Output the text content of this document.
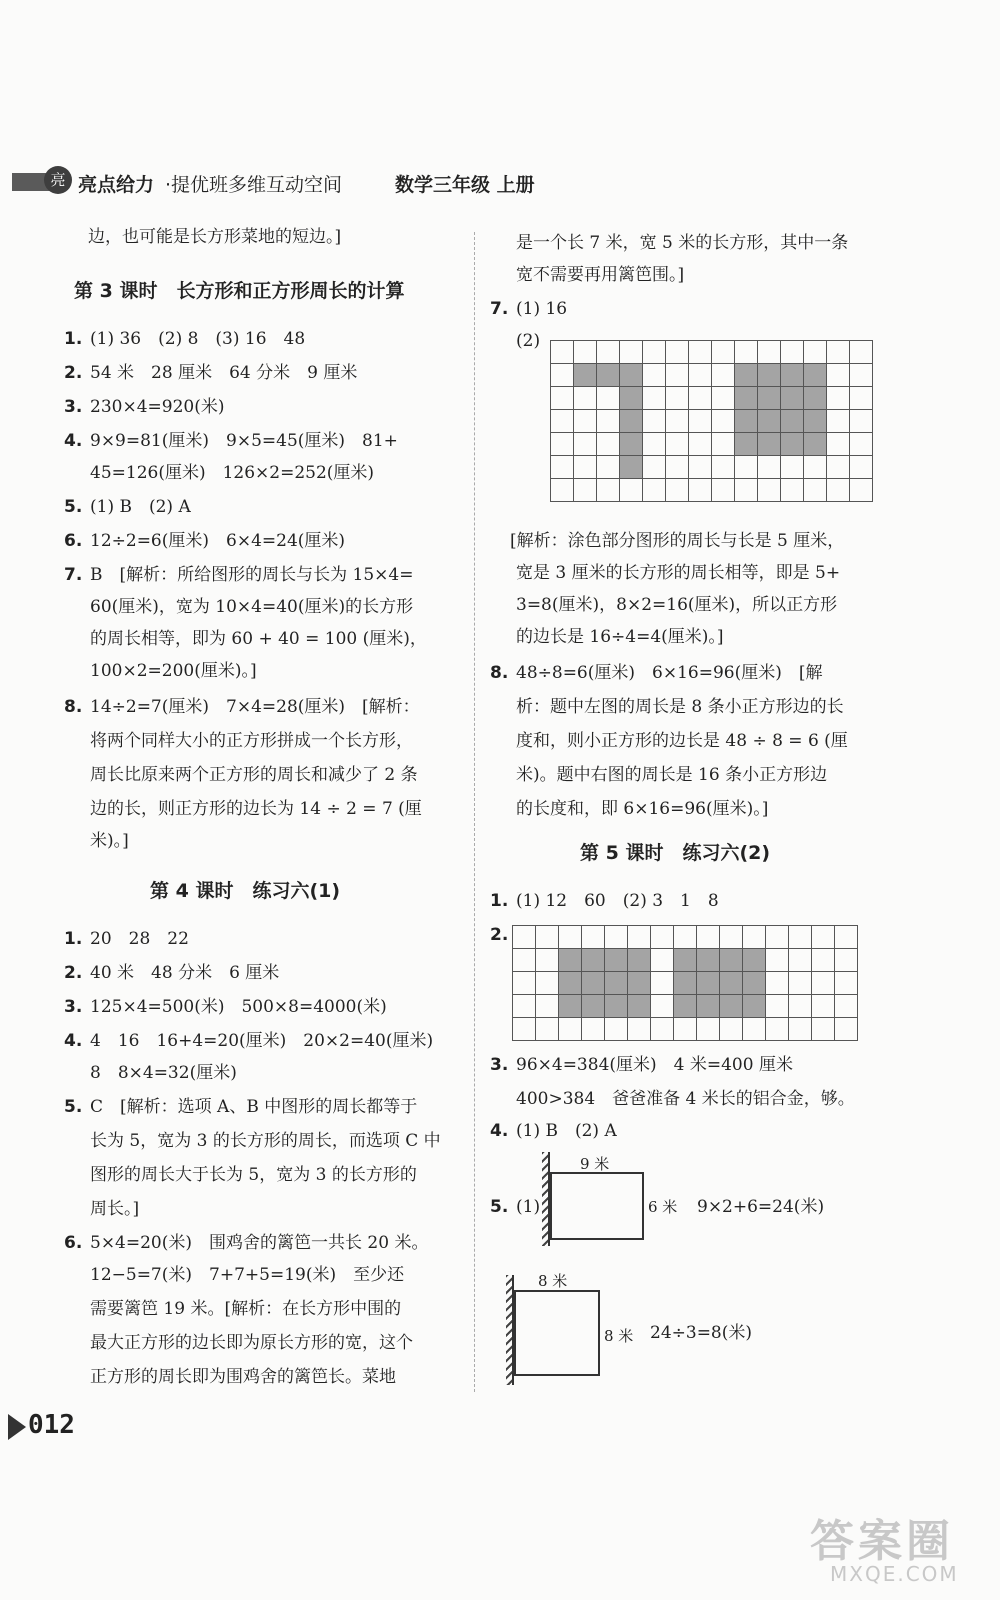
亮 亮点给力 ·提优班多维互动空间	数学三年级 上册
边，也可能是长方形菜地的短边。]
第 3 课时　长方形和正方形周长的计算
1. (1) 36　(2) 8　(3) 16　48
2. 54 米　28 厘米　64 分米　9 厘米
3. 230×4=920(米)
4. 9×9=81(厘米)　9×5=45(厘米)　81+
45=126(厘米)　126×2=252(厘米)
5. (1) B　(2) A
6. 12÷2=6(厘米)　6×4=24(厘米)
7. B　[解析：所给图形的周长与长为 15×4=
60(厘米)，宽为 10×4=40(厘米)的长方形
的周长相等，即为 60 + 40 = 100 (厘米)，
100×2=200(厘米)。]
8. 14÷2=7(厘米)　7×4=28(厘米)　[解析：
将两个同样大小的正方形拼成一个长方形，
周长比原来两个正方形的周长和减少了 2 条
边的长，则正方形的边长为 14 ÷ 2 = 7 (厘
米)。]
第 4 课时　练习六(1)
1. 20　28　22
2. 40 米　48 分米　6 厘米
3. 125×4=500(米)　500×8=4000(米)
4. 4　16　16+4=20(厘米)　20×2=40(厘米)
8　8×4=32(厘米)
5. C　[解析：选项 A、B 中图形的周长都等于
长为 5，宽为 3 的长方形的周长，而选项 C 中
图形的周长大于长为 5，宽为 3 的长方形的
周长。]
6. 5×4=20(米)　围鸡舍的篱笆一共长 20 米。
12−5=7(米)　7+7+5=19(米)　至少还
需要篱笆 19 米。[解析：在长方形中围的
最大正方形的边长即为原长方形的宽，这个
正方形的周长即为围鸡舍的篱笆长。菜地
是一个长 7 米，宽 5 米的长方形，其中一条
宽不需要再用篱笆围。]
7. (1) 16
(2)
[解析：涂色部分图形的周长与长是 5 厘米，
宽是 3 厘米的长方形的周长相等，即是 5+
3=8(厘米)，8×2=16(厘米)，所以正方形
的边长是 16÷4=4(厘米)。]
8. 48÷8=6(厘米)　6×16=96(厘米)　[解
析：题中左图的周长是 8 条小正方形边的长
度和，则小正方形的边长是 48 ÷ 8 = 6 (厘
米)。题中右图的周长是 16 条小正方形边
的长度和，即 6×16=96(厘米)。]
第 5 课时　练习六(2)
1. (1) 12　60　(2) 3　1　8
2.
3. 96×4=384(厘米)　4 米=400 厘米
400>384　爸爸准备 4 米长的铝合金，够。
4. (1) B　(2) A
9 米
6 米
5. (1)	9×2+6=24(米)
8 米
8 米 24÷3=8(米)
012
答案圈
MXQE.COM
